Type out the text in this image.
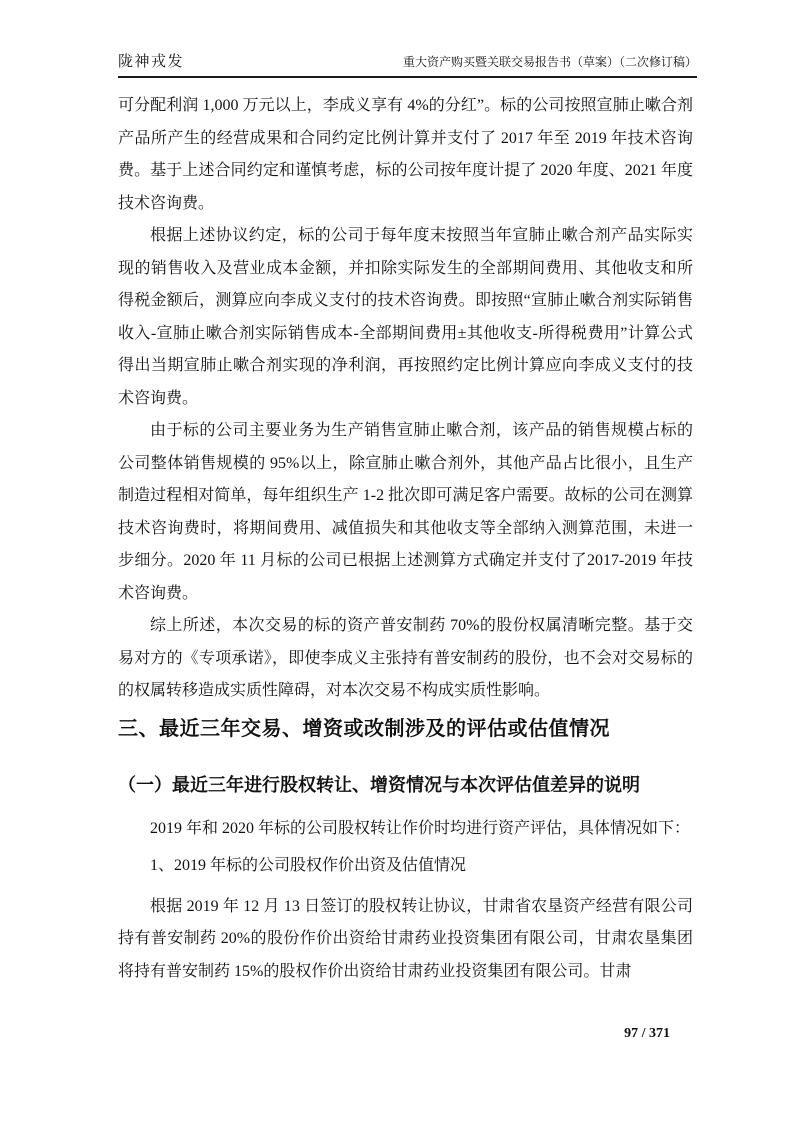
陇神戎发	重大资产购买暨关联交易报告书（草案）（二次修订稿）

可分配利润 1,000 万元以上，李成义享有 4%的分红”。标的公司按照宣肺止嗽合剂产品所产生的经营成果和合同约定比例计算并支付了 2017 年至 2019 年技术咨询费。基于上述合同约定和谨慎考虑，标的公司按年度计提了 2020 年度、2021 年度技术咨询费。

根据上述协议约定，标的公司于每年度末按照当年宣肺止嗽合剂产品实际实现的销售收入及营业成本金额，并扣除实际发生的全部期间费用、其他收支和所得税金额后，测算应向李成义支付的技术咨询费。即按照“宣肺止嗽合剂实际销售收入-宣肺止嗽合剂实际销售成本-全部期间费用±其他收支-所得税费用”计算公式得出当期宣肺止嗽合剂实现的净利润，再按照约定比例计算应向李成义支付的技术咨询费。

由于标的公司主要业务为生产销售宣肺止嗽合剂，该产品的销售规模占标的公司整体销售规模的 95%以上，除宣肺止嗽合剂外，其他产品占比很小，且生产制造过程相对简单，每年组织生产 1-2 批次即可满足客户需要。故标的公司在测算技术咨询费时，将期间费用、减值损失和其他收支等全部纳入测算范围，未进一步细分。2020 年 11 月标的公司已根据上述测算方式确定并支付了2017-2019 年技术咨询费。

综上所述，本次交易的标的资产普安制药 70%的股份权属清晰完整。基于交易对方的《专项承诺》，即使李成义主张持有普安制药的股份，也不会对交易标的的权属转移造成实质性障碍，对本次交易不构成实质性影响。

三、最近三年交易、增资或改制涉及的评估或估值情况
（一）最近三年进行股权转让、增资情况与本次评估值差异的说明

2019 年和 2020 年标的公司股权转让作价时均进行资产评估，具体情况如下：

1、2019 年标的公司股权作价出资及估值情况

根据 2019 年 12 月 13 日签订的股权转让协议，甘肃省农垦资产经营有限公司持有普安制药 20%的股份作价出资给甘肃药业投资集团有限公司，甘肃农垦集团将持有普安制药 15%的股权作价出资给甘肃药业投资集团有限公司。甘肃

97 / 371
